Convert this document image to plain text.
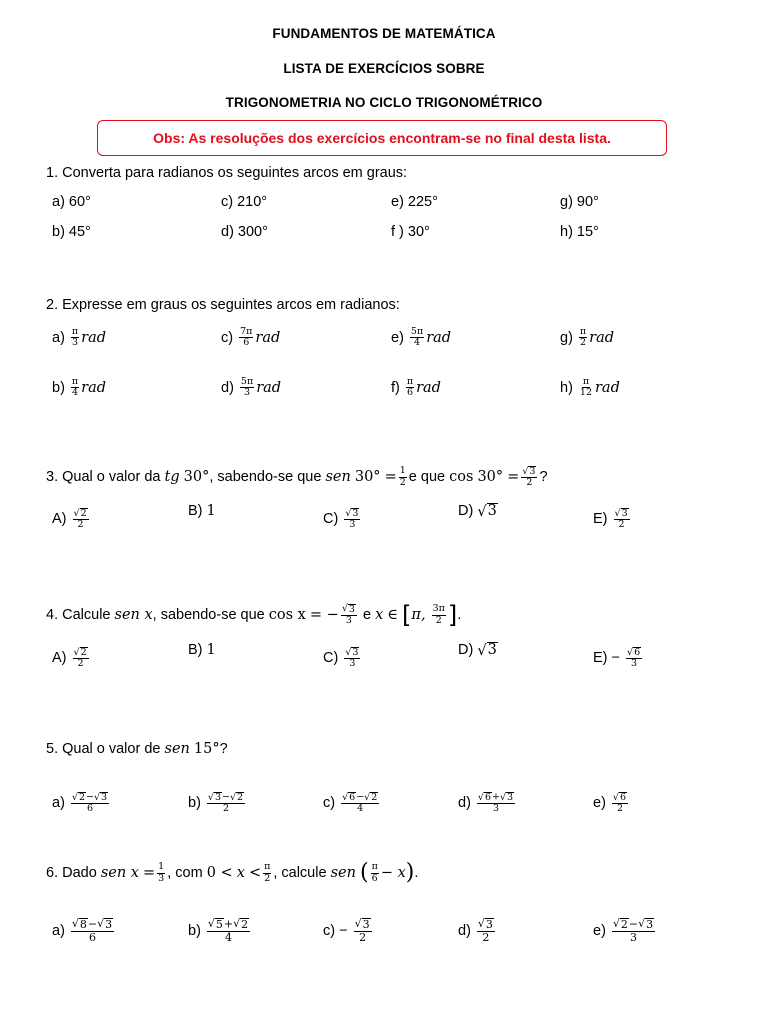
FUNDAMENTOS DE MATEMÁTICA
LISTA DE EXERCÍCIOS SOBRE
TRIGONOMETRIA NO CICLO TRIGONOMÉTRICO
Obs: As resoluções dos exercícios encontram-se no final desta lista.
1. Converta para radianos os seguintes arcos em graus:
a) 60°	c) 210°	e) 225°	g) 90°
b) 45°	d) 300°	f ) 30°	h) 15°
2. Expresse em graus os seguintes arcos em radianos:
$a) \frac{\pi}{3}$ rad	$c) \frac{7\pi}{6}$ rad	$e) \frac{5\pi}{4}$ rad	$g) \frac{\pi}{2}$ rad
$b) \frac{\pi}{4}$ rad	$d) \frac{5\pi}{3}$ rad	$f) \frac{\pi}{6}$ rad	$h) \frac{\pi}{12}$ rad
3. Qual o valor da
tg
30° , sabendo-se que
sen
30°
= $\frac{1}{2}$ e que
cos
30°
= $\frac{√ 3}{2}$ ?
$A) \frac{√ 2}{2}$	B) 1
$C) \frac{√ 3}{3}$	D) √ 3
$E) \frac{√ 3}{2}$
4. Calcule
sen x , sabendo-se que
cos x
= − $\frac{√ 3}{3}$
e
x
∈
[ π,
$\frac{3\pi}{2}$ ] .
$A) \frac{√ 2}{2}$	B) 1
$C) \frac{√ 3}{3}$	D) √ 3
$E) - \frac{√ 6}{3}$
5. Qual o valor de
sen
15° ?
$a) \frac{√ 2 -√ 3}{6}$	$b) \frac{√ 3 -√ 2}{2}$	$c) \frac{√ 6 -√ 2}{4}$	$d) \frac{√ 6 +√ 3}{3}$	$e) \frac{√ 6}{2}$
6. Dado
sen x
= $\frac{1}{3}$ , com
0 <
x
< $\frac{\pi}{2}$ , calcule
sen
( $\frac{\pi}{6} - x$ ) .
$a) \frac{√ 8 -√ 3}{6}$	$b) \frac{√ 5 +√ 2}{4}$	$c) - \frac{√ 3}{2}$	$d) \frac{√ 3}{2}$	$e) \frac{√ 2 -√ 3}{3}$
